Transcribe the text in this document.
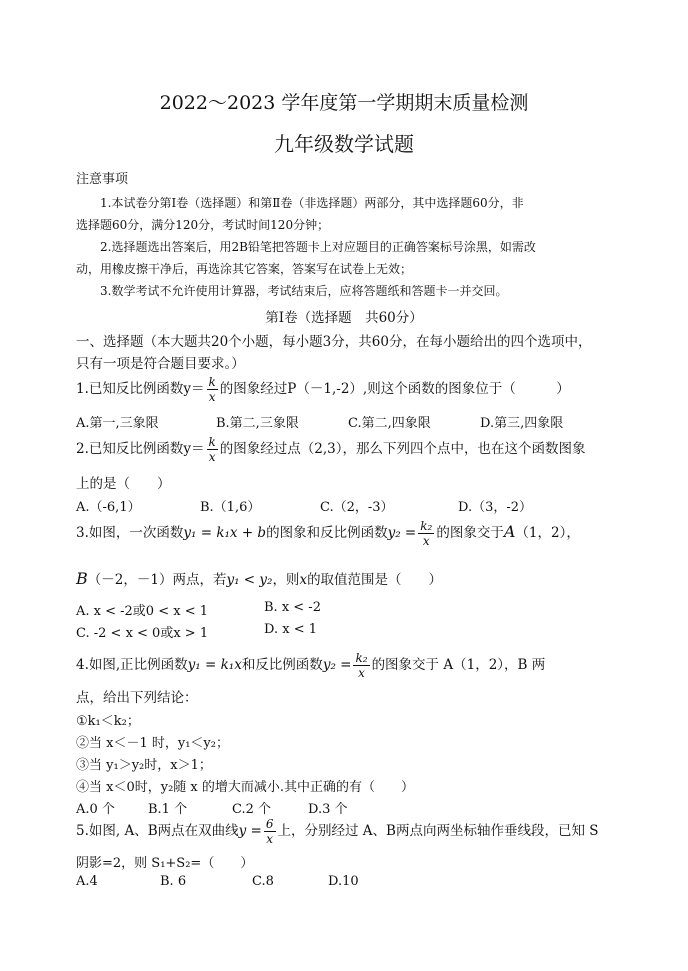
2022～2023 学年度第一学期期末质量检测
九年级数学试题
注意事项
1.本试卷分第Ⅰ卷（选择题）和第Ⅱ卷（非选择题）两部分，其中选择题60分，非
选择题60分，满分120分，考试时间120分钟；
2.选择题选出答案后，用2B铅笔把答题卡上对应题目的正确答案标号涂黑，如需改
动，用橡皮擦干净后，再选涂其它答案，答案写在试卷上无效；
3.数学考试不允许使用计算器，考试结束后，应将答题纸和答题卡一并交回。
第Ⅰ卷（选择题　共60分）
一、选择题（本大题共20个小题，每小题3分，共60分，在每小题给出的四个选项中，
只有一项是符合题目要求。）
1.已知反比例函数$y= \frac{k}{x}$ 的图象经过P（－1,-2）,则这个函数的图象位于（　　　）
A.第一,三象限	B.第二,三象限	C.第二,四象限	D.第三,四象限
2.已知反比例函数$y= \frac{k}{x}$ 的图象经过点（2,3），那么下列四个点中，也在这个函数图象
上的是（　　）
A.（-6,1）	B.（1,6）	C.（2，-3）	D.（3，-2）
3.如图，一次函数y₁ = k₁x + b的图象和反比例函数$y_2 = \frac{\text{k₂}}{x}$ 的图象交于A（1，2），
B（－2，－1）两点，若y₁ < y₂，则x的取值范围是（　　）
A. x < -2或0 < x < 1	B. x < -2
C. -2 < x < 0或x > 1	D. x < 1
4.如图,正比例函数y₁ = k₁x和反比例函数$y_2 = \frac{\text{k₂}}{x}$ 的图象交于 A（1，2），B 两
点，给出下列结论：
①k₁＜k₂；
②当 x＜－1 时，y₁＜y₂；
③当 y₁＞y₂时，x＞1；
④当 x＜0时，y₂随 x 的增大而减小.其中正确的有（　　）
A.0 个	B.1 个	C.2 个	D.3 个
5.如图, A、B两点在双曲线$y = \frac{6}{x}$ 上，分别经过 A、B两点向两坐标轴作垂线段，已知 S
阴影=2，则 S₁+S₂=（　　）
A.4	B. 6	C.8	D.10
